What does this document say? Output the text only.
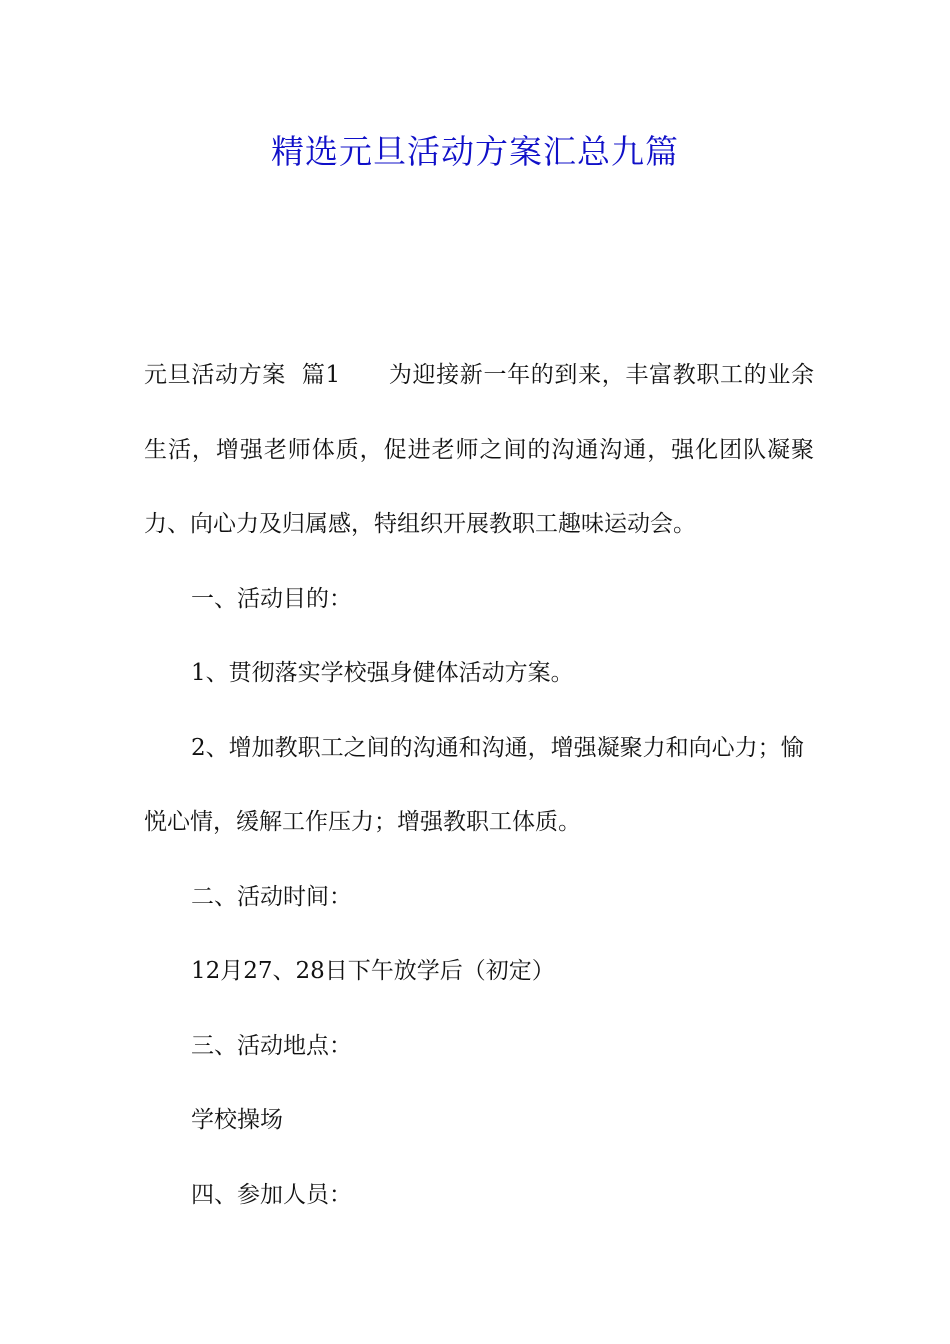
精选元旦活动方案汇总九篇

元旦活动方案  篇1 为迎接新一年的到来，丰富教职工的业余生活，增强老师体质，促进老师之间的沟通沟通，强化团队凝聚力、向心力及归属感，特组织开展教职工趣味运动会。

一、活动目的：

1、贯彻落实学校强身健体活动方案。

2、增加教职工之间的沟通和沟通，增强凝聚力和向心力；愉悦心情，缓解工作压力；增强教职工体质。

二、活动时间：

12月27、28日下午放学后（初定）

三、活动地点：

学校操场

四、参加人员：
